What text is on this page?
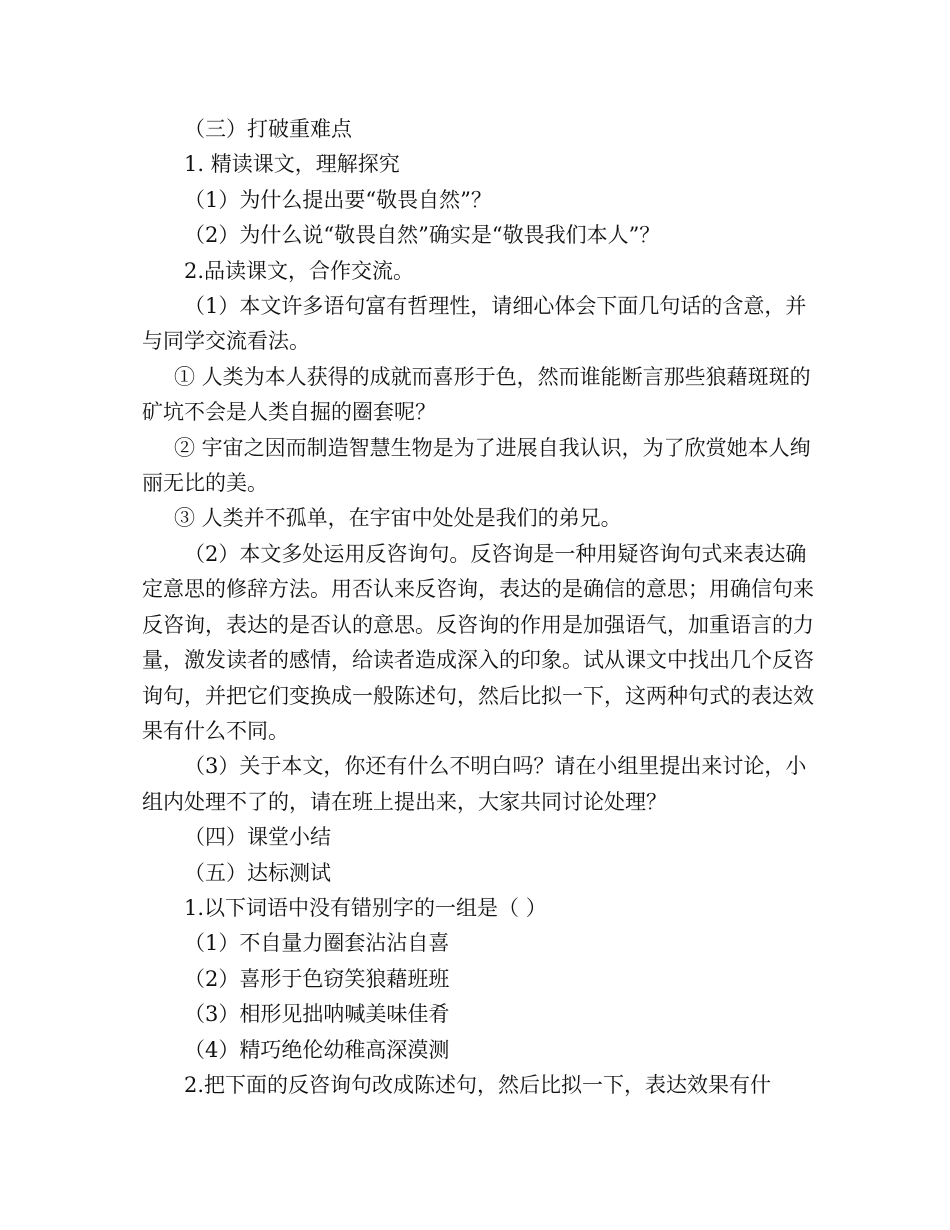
（三）打破重难点

1. 精读课文，理解探究

（1）为什么提出要“敬畏自然”？

（2）为什么说“敬畏自然”确实是“敬畏我们本人”？

2.品读课文，合作交流。

（1）本文许多语句富有哲理性，请细心体会下面几句话的含意，并与同学交流看法。

① 人类为本人获得的成就而喜形于色，然而谁能断言那些狼藉斑斑的矿坑不会是人类自掘的圈套呢？

② 宇宙之因而制造智慧生物是为了进展自我认识，为了欣赏她本人绚丽无比的美。

③ 人类并不孤单，在宇宙中处处是我们的弟兄。

（2）本文多处运用反咨询句。反咨询是一种用疑咨询句式来表达确定意思的修辞方法。用否认来反咨询，表达的是确信的意思；用确信句来反咨询，表达的是否认的意思。反咨询的作用是加强语气，加重语言的力量，激发读者的感情，给读者造成深入的印象。试从课文中找出几个反咨询句，并把它们变换成一般陈述句，然后比拟一下，这两种句式的表达效果有什么不同。

（3）关于本文，你还有什么不明白吗？请在小组里提出来讨论，小组内处理不了的，请在班上提出来，大家共同讨论处理？

（四）课堂小结

（五）达标测试

1.以下词语中没有错别字的一组是（ ）

（1）不自量力圈套沾沾自喜

（2）喜形于色窃笑狼藉班班

（3）相形见拙呐喊美味佳肴

（4）精巧绝伦幼稚高深漠测

2.把下面的反咨询句改成陈述句，然后比拟一下，表达效果有什
